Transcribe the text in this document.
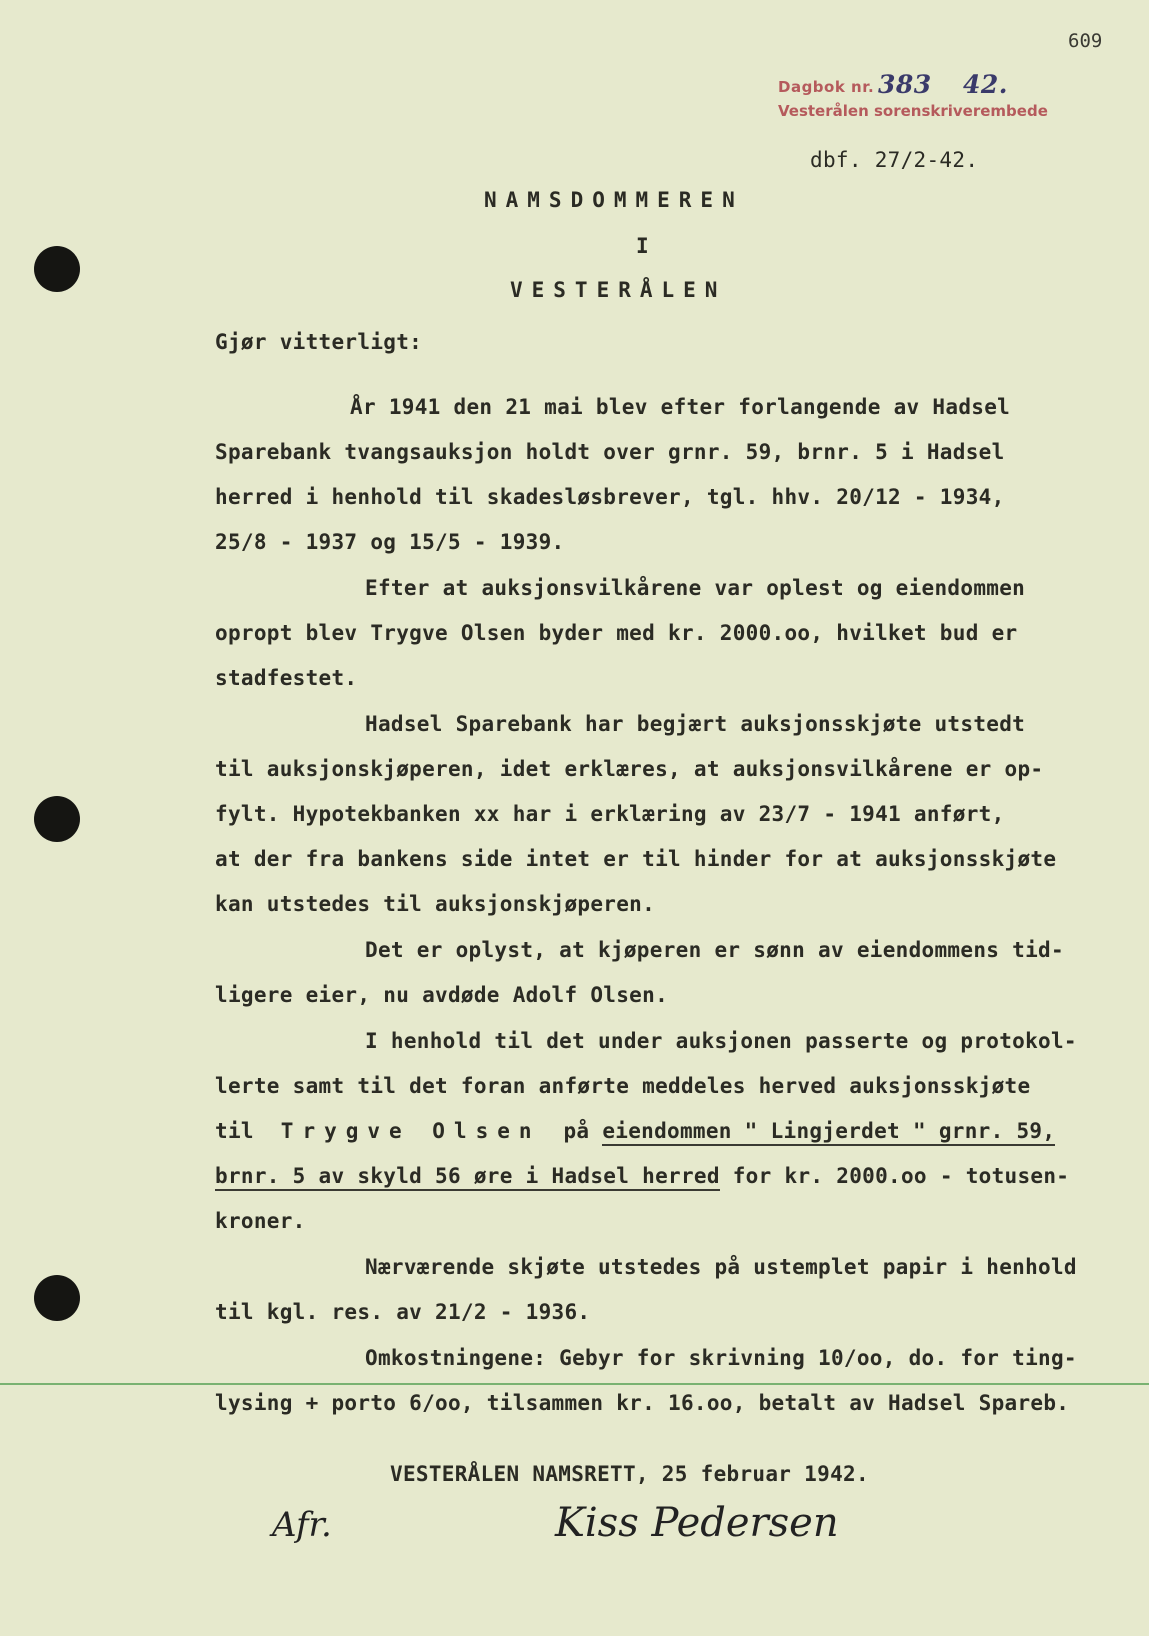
609
Dagbok nr. 383 42.
Vesterålen sorenskriverembede
dbf. 27/2-42.
NAMSDOMMEREN
I
VESTERÅLEN
Gjør vitterligt:
År 1941 den 21 mai blev efter forlangende av Hadsel
Sparebank tvangsauksjon holdt over grnr. 59, brnr. 5 i Hadsel
herred i henhold til skadesløsbrever, tgl. hhv. 20/12 - 1934,
25/8 - 1937 og 15/5 - 1939.
Efter at auksjonsvilkårene var oplest og eiendommen
opropt blev Trygve Olsen byder med kr. 2000.oo, hvilket bud er
stadfestet.
Hadsel Sparebank har begjært auksjonsskjøte utstedt
til auksjonskjøperen, idet erklæres, at auksjonsvilkårene er op-
fylt. Hypotekbanken xx har i erklæring av 23/7 - 1941 anført,
at der fra bankens side intet er til hinder for at auksjonsskjøte
kan utstedes til auksjonskjøperen.
Det er oplyst, at kjøperen er sønn av eiendommens tid-
ligere eier, nu avdøde Adolf Olsen.
I henhold til det under auksjonen passerte og protokol-
lerte samt til det foran anførte meddeles herved auksjonsskjøte
til Trygve Olsen på eiendommen " Lingjerdet " grnr. 59,
brnr. 5 av skyld 56 øre i Hadsel herred for kr. 2000.oo - totusen-
kroner.
Nærværende skjøte utstedes på ustemplet papir i henhold
til kgl. res. av 21/2 - 1936.
Omkostningene: Gebyr for skrivning 10/oo, do. for ting-
lysing + porto 6/oo, tilsammen kr. 16.oo, betalt av Hadsel Spareb.
VESTERÅLEN NAMSRETT, 25 februar 1942.
Afr.	Kiss Pedersen
